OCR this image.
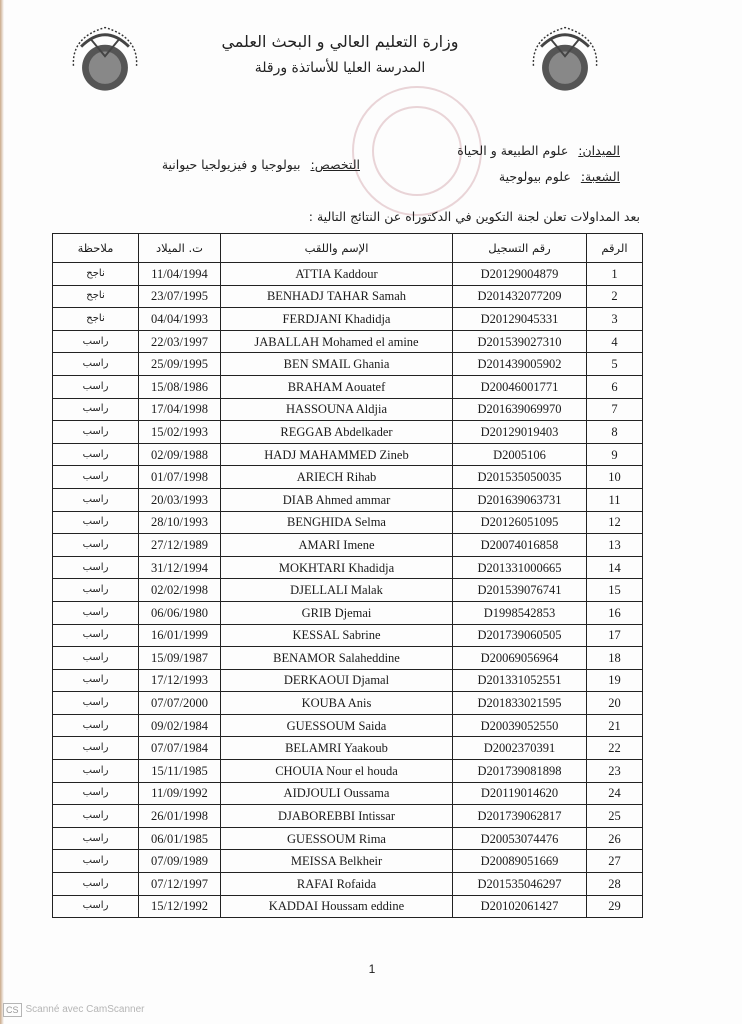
وزارة التعليم العالي و البحث العلمي
المدرسة العليا للأساتذة ورقلة
الميدان:علوم الطبيعة و الحياة
الشعبة:علوم بيولوجية
التخصص:بيولوجيا و فيزيولجيا حيوانية
بعد المداولات تعلن لجنة التكوين في الدكتوراه عن النتائج التالية :
الرقم	رقم التسجيل	الإسم واللقب	ت. الميلاد	ملاحظة
1	D20129004879	ATTIA Kaddour	11/04/1994	ناجح
2	D201432077209	BENHADJ TAHAR Samah	23/07/1995	ناجح
3	D20129045331	FERDJANI Khadidja	04/04/1993	ناجح
4	D201539027310	JABALLAH Mohamed el amine	22/03/1997	راسب
5	D201439005902	BEN SMAIL Ghania	25/09/1995	راسب
6	D20046001771	BRAHAM Aouatef	15/08/1986	راسب
7	D201639069970	HASSOUNA Aldjia	17/04/1998	راسب
8	D20129019403	REGGAB Abdelkader	15/02/1993	راسب
9	D2005106	HADJ MAHAMMED Zineb	02/09/1988	راسب
10	D201535050035	ARIECH Rihab	01/07/1998	راسب
11	D201639063731	DIAB Ahmed ammar	20/03/1993	راسب
12	D20126051095	BENGHIDA Selma	28/10/1993	راسب
13	D20074016858	AMARI Imene	27/12/1989	راسب
14	D201331000665	MOKHTARI Khadidja	31/12/1994	راسب
15	D201539076741	DJELLALI Malak	02/02/1998	راسب
16	D1998542853	GRIB Djemai	06/06/1980	راسب
17	D201739060505	KESSAL Sabrine	16/01/1999	راسب
18	D20069056964	BENAMOR Salaheddine	15/09/1987	راسب
19	D201331052551	DERKAOUI Djamal	17/12/1993	راسب
20	D201833021595	KOUBA Anis	07/07/2000	راسب
21	D20039052550	GUESSOUM Saida	09/02/1984	راسب
22	D2002370391	BELAMRI Yaakoub	07/07/1984	راسب
23	D201739081898	CHOUIA Nour el houda	15/11/1985	راسب
24	D20119014620	AIDJOULI Oussama	11/09/1992	راسب
25	D201739062817	DJABOREBBI Intissar	26/01/1998	راسب
26	D20053074476	GUESSOUM Rima	06/01/1985	راسب
27	D20089051669	MEISSA Belkheir	07/09/1989	راسب
28	D201535046297	RAFAI Rofaida	07/12/1997	راسب
29	D20102061427	KADDAI Houssam eddine	15/12/1992	راسب
1
CS Scanné avec CamScanner
